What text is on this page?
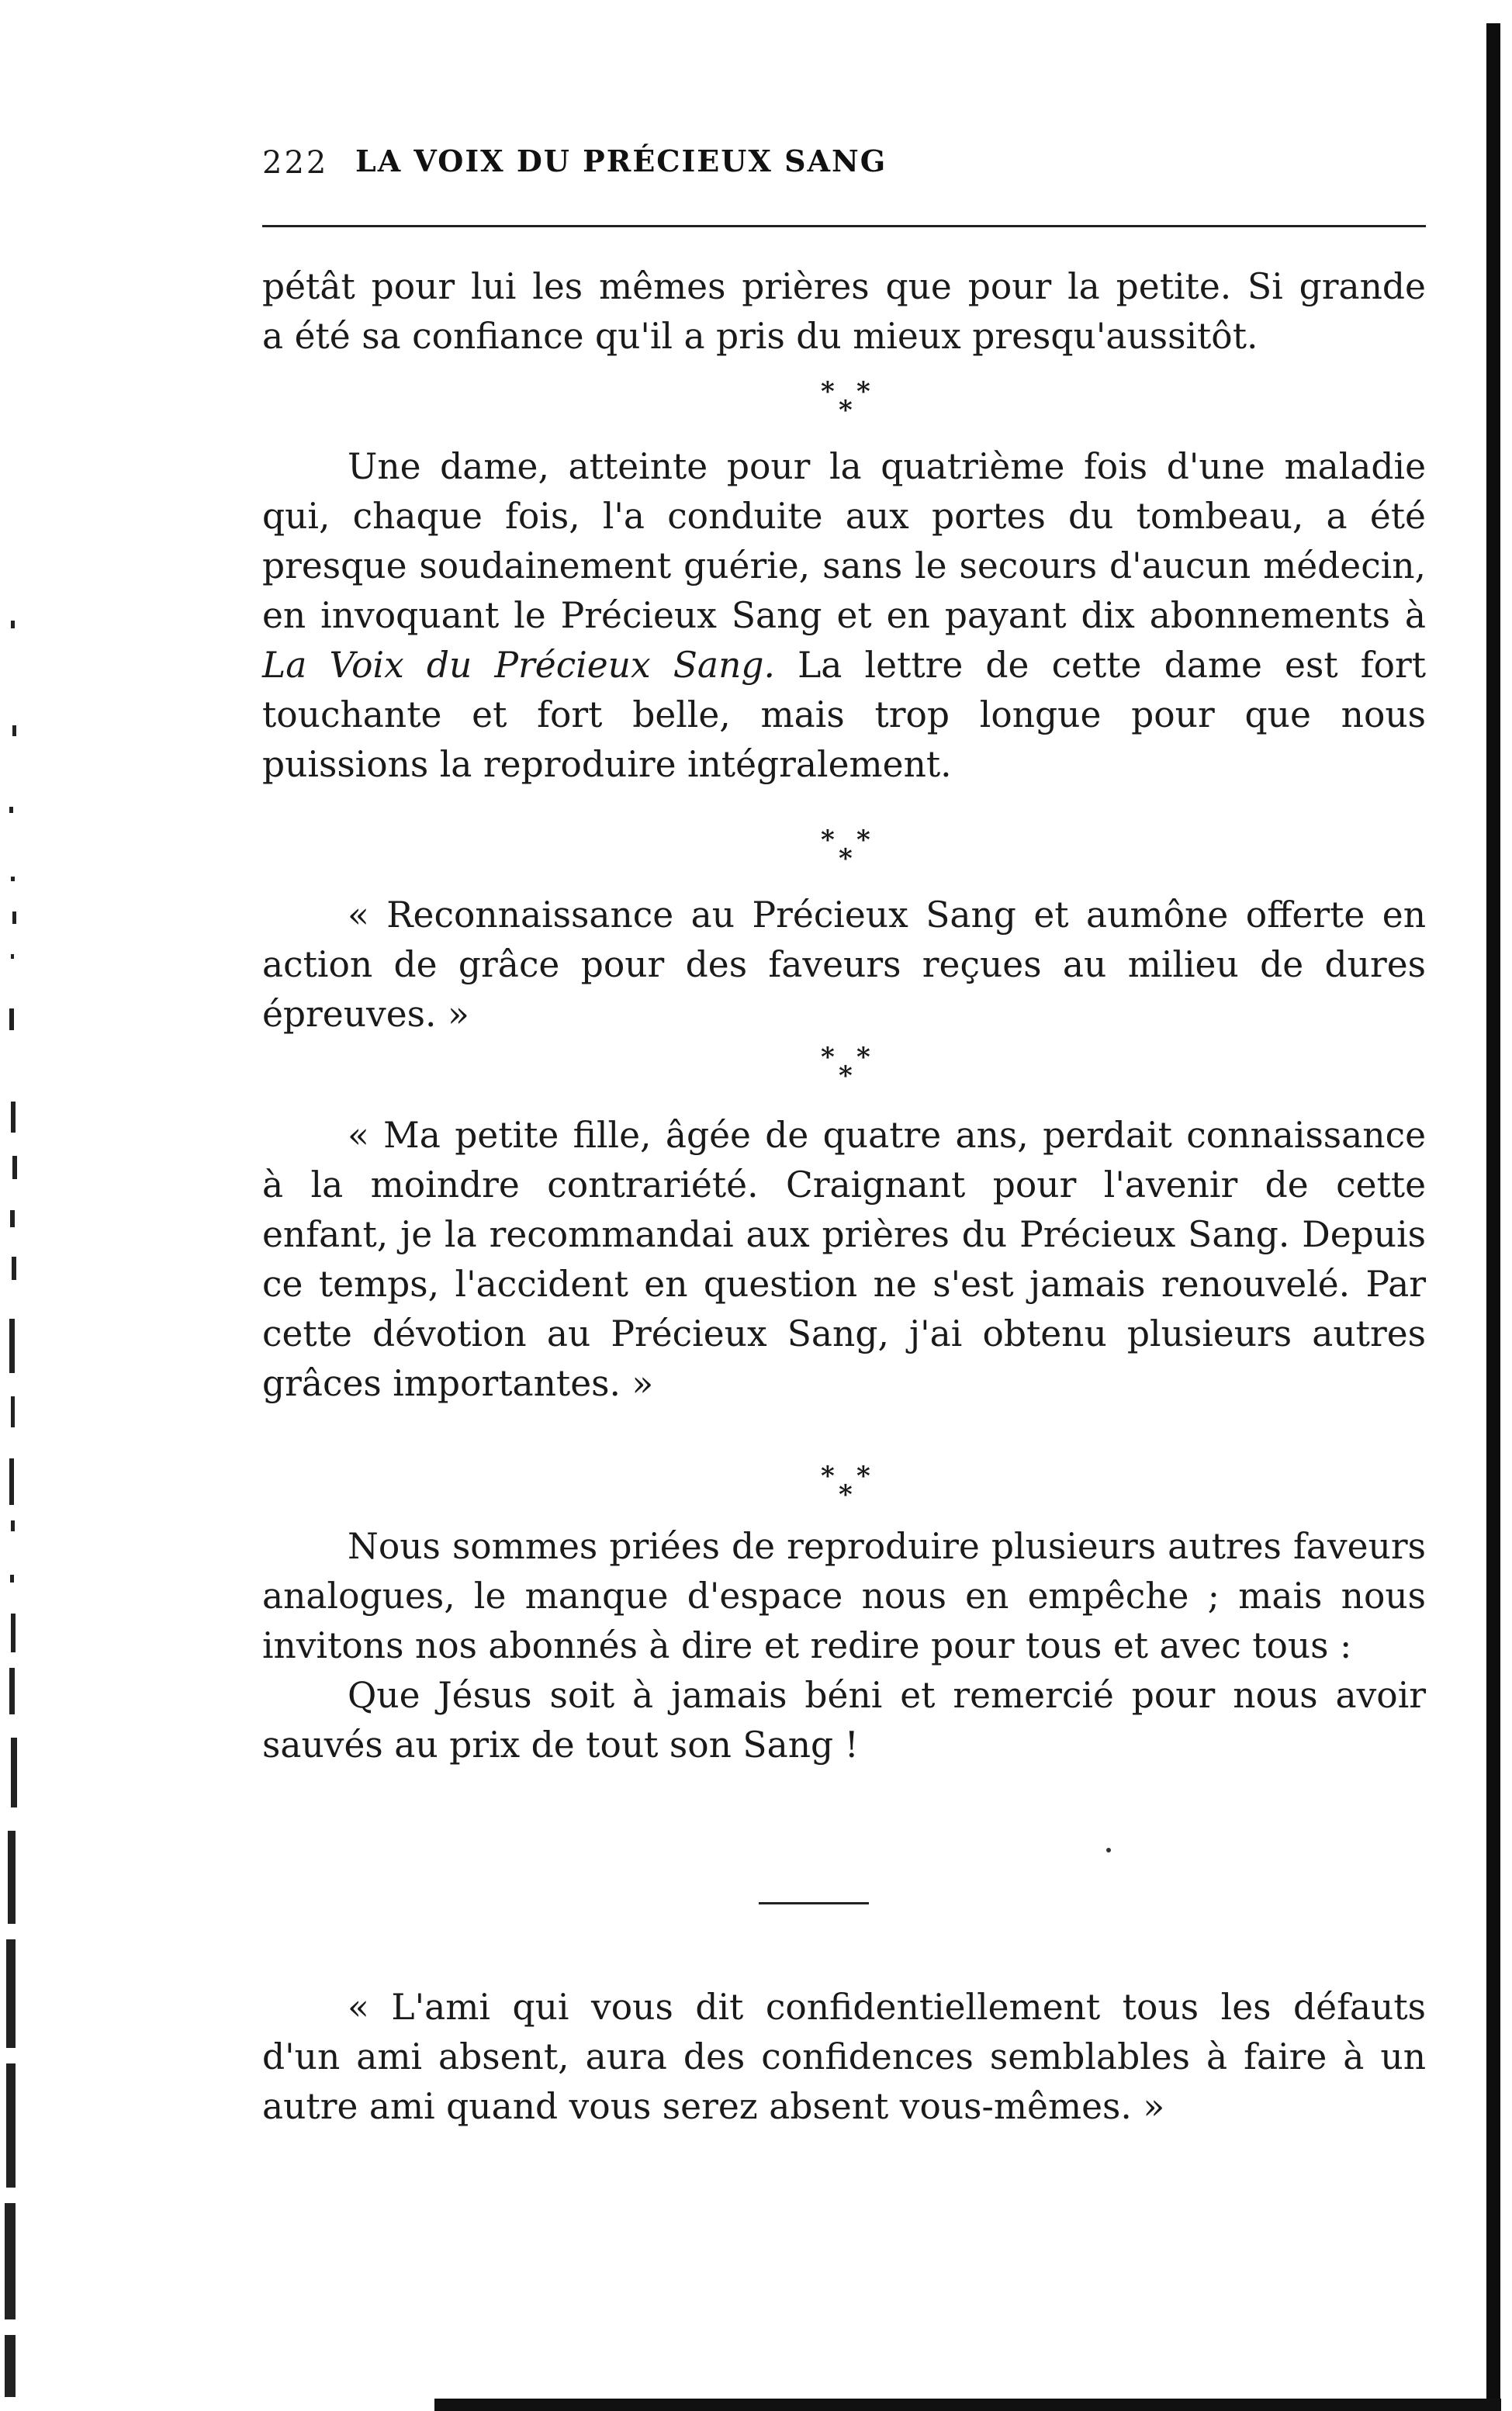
222 LA VOIX DU PRÉCIEUX SANG

pétât pour lui les mêmes prières que pour la petite. Si grande

a été sa confiance qu'il a pris du mieux presqu'aussitôt.

* *
*

Une dame, atteinte pour la quatrième fois d'une maladie qui, chaque fois, l'a conduite aux portes du tombeau, a été presque soudainement guérie, sans le secours d'aucun médecin, en invoquant le Précieux Sang et en payant dix abonnements à La Voix du Précieux Sang. La lettre de cette dame est fort touchante et fort belle, mais trop longue pour que nous puissions la reproduire intégralement.

* *
*

« Reconnaissance au Précieux Sang et aumône offerte en action de grâce pour des faveurs reçues au milieu de dures épreuves. »

* *
*

« Ma petite fille, âgée de quatre ans, perdait connaissance à la moindre contrariété. Craignant pour l'avenir de cette enfant, je la recommandai aux prières du Précieux Sang. Depuis ce temps, l'accident en question ne s'est jamais renouvelé. Par cette dévotion au Précieux Sang, j'ai obtenu plusieurs autres grâces importantes. »

* *
*

Nous sommes priées de reproduire plusieurs autres faveurs analogues, le manque d'espace nous en empêche ; mais nous invitons nos abonnés à dire et redire pour tous et avec tous :

Que Jésus soit à jamais béni et remercié pour nous avoir sauvés au prix de tout son Sang !

« L'ami qui vous dit confidentiellement tous les défauts d'un ami absent, aura des confidences semblables à faire à un autre ami quand vous serez absent vous-mêmes. »
